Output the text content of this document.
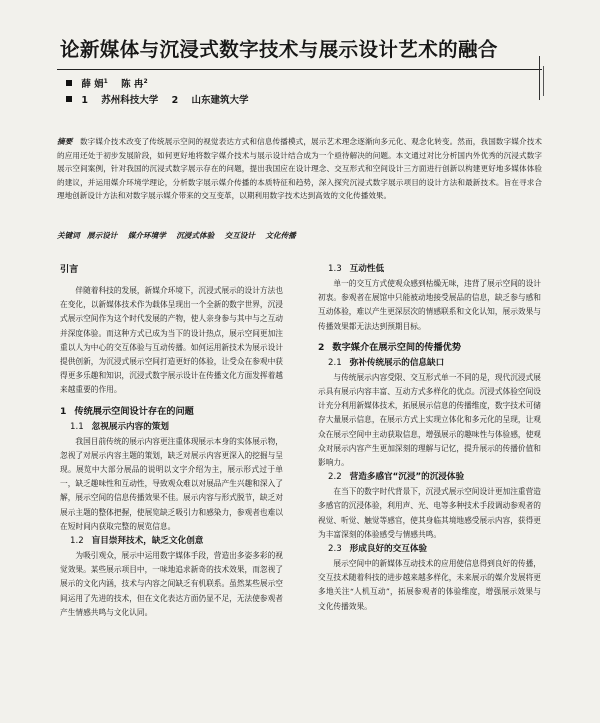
论新媒体与沉浸式数字技术与展示设计艺术的融合
薛 娟$^1$ 陈 冉$^2$
1 苏州科技大学 2 山东建筑大学
摘要 数字媒介技术改变了传统展示空间的视觉表达方式和信息传播模式，展示艺术理念逐渐向多元化、观念化转变。然而，我国数字媒介技术的应用还处于初步发展阶段，如何更好地将数字媒介技术与展示设计结合成为一个亟待解决的问题。本文通过对比分析国内外优秀的沉浸式数字展示空间案例，针对我国的沉浸式数字展示存在的问题，提出我国应在设计理念、交互形式和空间设计三方面进行创新以构建更好地多媒体体验的建议，并运用媒介环境学理论，分析数字展示媒介传播的本质特征和趋势，深入探究沉浸式数字展示项目的设计方法和最新技术。旨在寻求合理地创新设计方法和对数字展示媒介带来的交互变革，以期利用数字技术达到高效的文化传播效果。
关键词 展示设计 媒介环境学 沉浸式体验 交互设计 文化传播
引言

伴随着科技的发展，新媒介环境下，沉浸式展示的设计方法也在变化，以新媒体技术作为载体呈现出一个全新的数字世界，沉浸式展示空间作为这个时代发展的产物，使人亲身参与其中与之互动并深度体验。而这种方式已成为当下的设计热点，展示空间更加注重以人为中心的交互体验与互动传播。如何运用新技术为展示设计提供创新，为沉浸式展示空间打造更好的体验，让受众在参观中获得更多乐趣和知识，沉浸式数字展示设计在传播文化方面发挥着越来越重要的作用。

1 传统展示空间设计存在的问题
1.1 忽视展示内容的策划

我国目前传统的展示内容更注重体现展示本身的实体展示物，忽视了对展示内容主题的策划，缺乏对展示内容更深入的挖掘与呈现。展览中大部分展品的说明以文字介绍为主，展示形式过于单一，缺乏趣味性和互动性，导致观众难以对展品产生兴趣和深入了解，展示空间的信息传播效果不佳。展示内容与形式脱节，缺乏对展示主题的整体把握，使展览缺乏吸引力和感染力，参观者也难以在短时间内获取完整的展览信息。

1.2 盲目崇拜技术，缺乏文化创意

为吸引观众，展示中运用数字媒体手段，营造出多姿多彩的视觉效果。某些展示项目中，一味地追求新奇的技术效果，而忽视了展示的文化内涵，技术与内容之间缺乏有机联系。虽然某些展示空间运用了先进的技术，但在文化表达方面仍显不足，无法使参观者产生情感共鸣与文化认同。

1.3 互动性低

单一的交互方式使观众感到枯燥无味，违背了展示空间的设计初衷。参观者在展馆中只能被动地接受展品的信息，缺乏参与感和互动体验，难以产生更深层次的情感联系和文化认知，展示效果与传播效果都无法达到预期目标。

2 数字媒介在展示空间的传播优势
2.1 弥补传统展示的信息缺口

与传统展示内容受限、交互形式单一不同的是，现代沉浸式展示具有展示内容丰富、互动方式多样化的优点。沉浸式体验空间设计充分利用新媒体技术，拓展展示信息的传播维度，数字技术可储存大量展示信息，在展示方式上实现立体化和多元化的呈现，让观众在展示空间中主动获取信息，增强展示的趣味性与体验感，使观众对展示内容产生更加深刻的理解与记忆，提升展示的传播价值和影响力。

2.2 营造多感官“沉浸”的沉浸体验

在当下的数字时代背景下，沉浸式展示空间设计更加注重营造多感官的沉浸体验，利用声、光、电等多种技术手段调动参观者的视觉、听觉、触觉等感官，使其身临其境地感受展示内容，获得更为丰富深刻的体验感受与情感共鸣。

2.3 形成良好的交互体验

展示空间中的新媒体互动技术的应用使信息得到良好的传播，交互技术随着科技的进步越来越多样化，未来展示的媒介发展将更多地关注“人机互动”，拓展参观者的体验维度，增强展示效果与文化传播效果。
